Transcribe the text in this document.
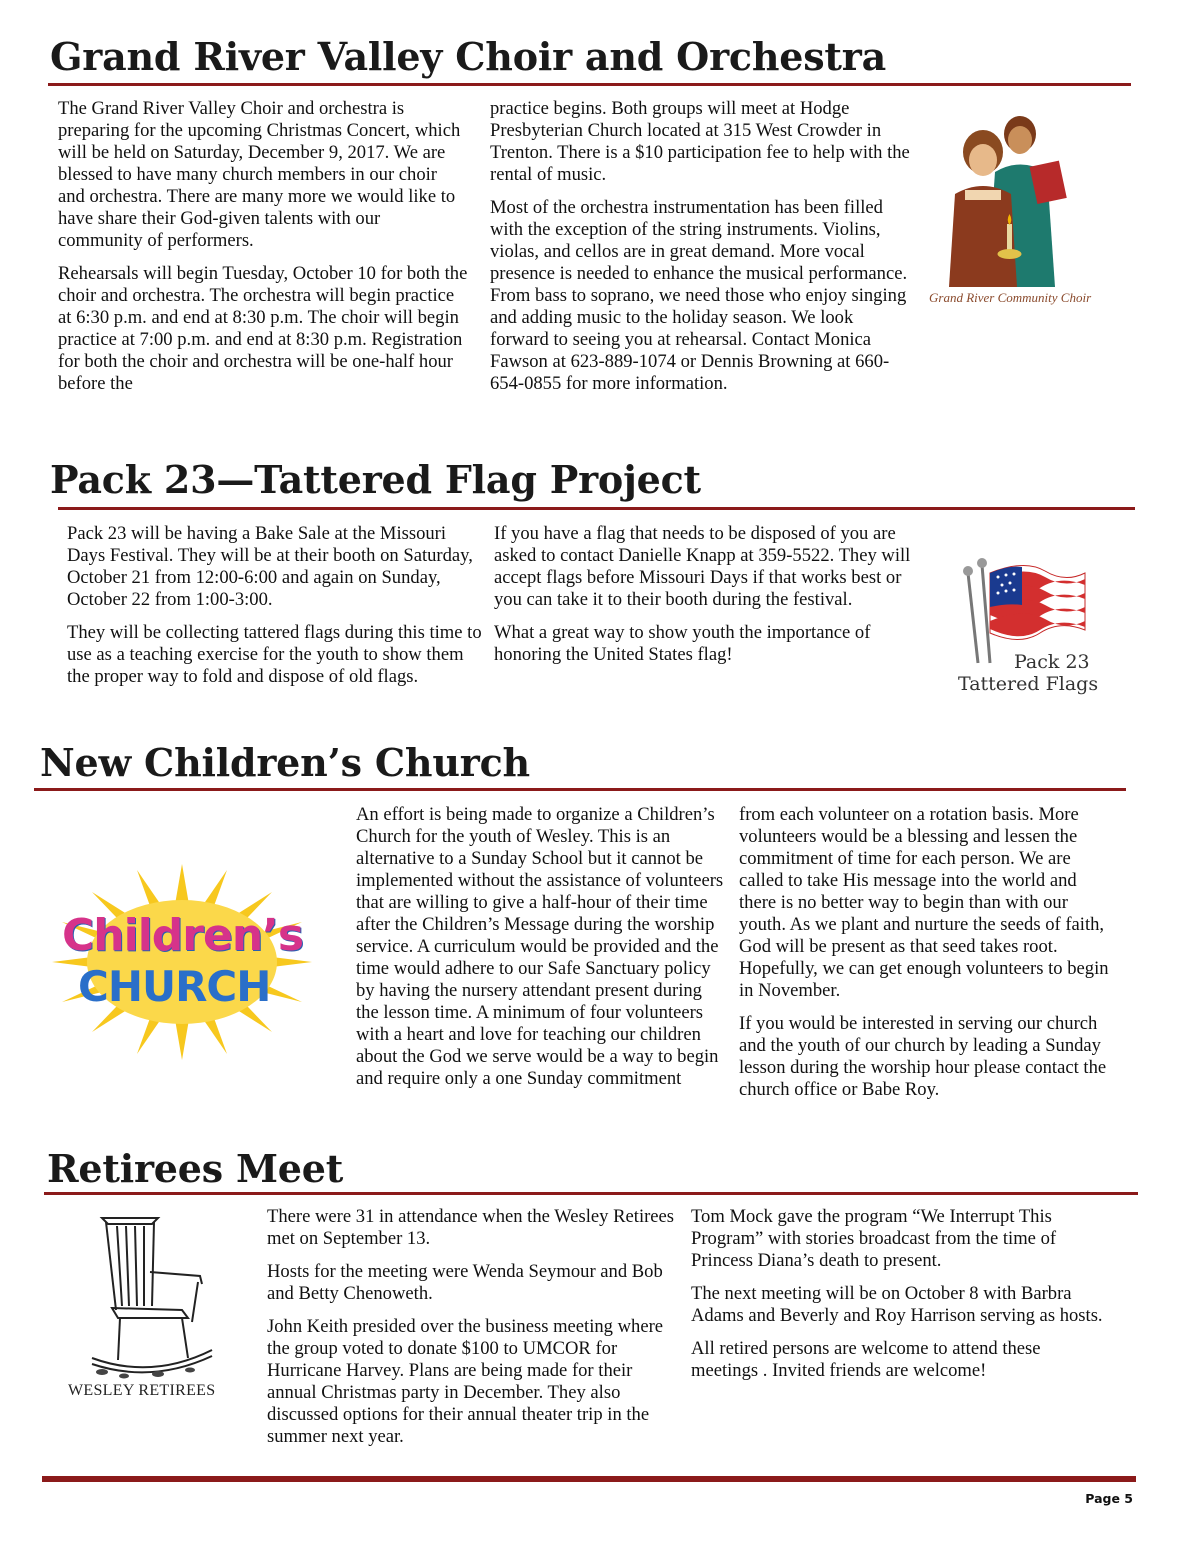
Grand River Valley Choir and Orchestra

The Grand River Valley Choir and orchestra is preparing for the upcoming Christmas Concert, which will be held on Saturday, December 9, 2017. We are blessed to have many church members in our choir and orchestra. There are many more we would like to have share their God-given talents with our community of performers.

Rehearsals will begin Tuesday, October 10 for both the choir and orchestra. The orchestra will begin practice at 6:30 p.m. and end at 8:30 p.m. The choir will begin practice at 7:00 p.m. and end at 8:30 p.m. Registration for both the choir and orchestra will be one-half hour before the

practice begins. Both groups will meet at Hodge Presbyterian Church located at 315 West Crowder in Trenton. There is a $10 participation fee to help with the rental of music.

Most of the orchestra instrumentation has been filled with the exception of the string instruments. Violins, violas, and cellos are in great demand. More vocal presence is needed to enhance the musical performance. From bass to soprano, we need those who enjoy singing and adding music to the holiday season. We look forward to seeing you at rehearsal. Contact Monica Fawson at 623-889-1074 or Dennis Browning at 660-654-0855 for more information.

Grand River Community Choir
Pack 23—Tattered Flag Project

Pack 23 will be having a Bake Sale at the Missouri Days Festival. They will be at their booth on Saturday, October 21 from 12:00-6:00 and again on Sunday, October 22 from 1:00-3:00.

They will be collecting tattered flags during this time to use as a teaching exercise for the youth to show them the proper way to fold and dispose of old flags.

If you have a flag that needs to be disposed of you are asked to contact Danielle Knapp at 359-5522. They will accept flags before Missouri Days if that works best or you can take it to their booth during the festival.

What a great way to show youth the importance of honoring the United States flag!	Pack 23
Tattered Flags
New Children’s Church
Children’s
CHURCH

An effort is being made to organize a Children’s Church for the youth of Wesley. This is an alternative to a Sunday School but it cannot be implemented without the assistance of volunteers that are willing to give a half-hour of their time after the Children’s Message during the worship service. A curriculum would be provided and the time would adhere to our Safe Sanctuary policy by having the nursery attendant present during the lesson time. A minimum of four volunteers with a heart and love for teaching our children about the God we serve would be a way to begin and require only a one Sunday commitment

from each volunteer on a rotation basis. More volunteers would be a blessing and lessen the commitment of time for each person. We are called to take His message into the world and there is no better way to begin than with our youth. As we plant and nurture the seeds of faith, God will be present as that seed takes root. Hopefully, we can get enough volunteers to begin in November.

If you would be interested in serving our church and the youth of our church by leading a Sunday lesson during the worship hour please contact the church office or Babe Roy.

Retirees Meet
WESLEY RETIREES

There were 31 in attendance when the Wesley Retirees met on September 13.

Hosts for the meeting were Wenda Seymour and Bob and Betty Chenoweth.

John Keith presided over the business meeting where the group voted to donate $100 to UMCOR for Hurricane Harvey. Plans are being made for their annual Christmas party in December. They also discussed options for their annual theater trip in the summer next year.

Tom Mock gave the program “We Interrupt This Program” with stories broadcast from the time of Princess Diana’s death to present.

The next meeting will be on October 8 with Barbra Adams and Beverly and Roy Harrison serving as hosts.

All retired persons are welcome to attend these meetings . Invited friends are welcome!

Page 5
